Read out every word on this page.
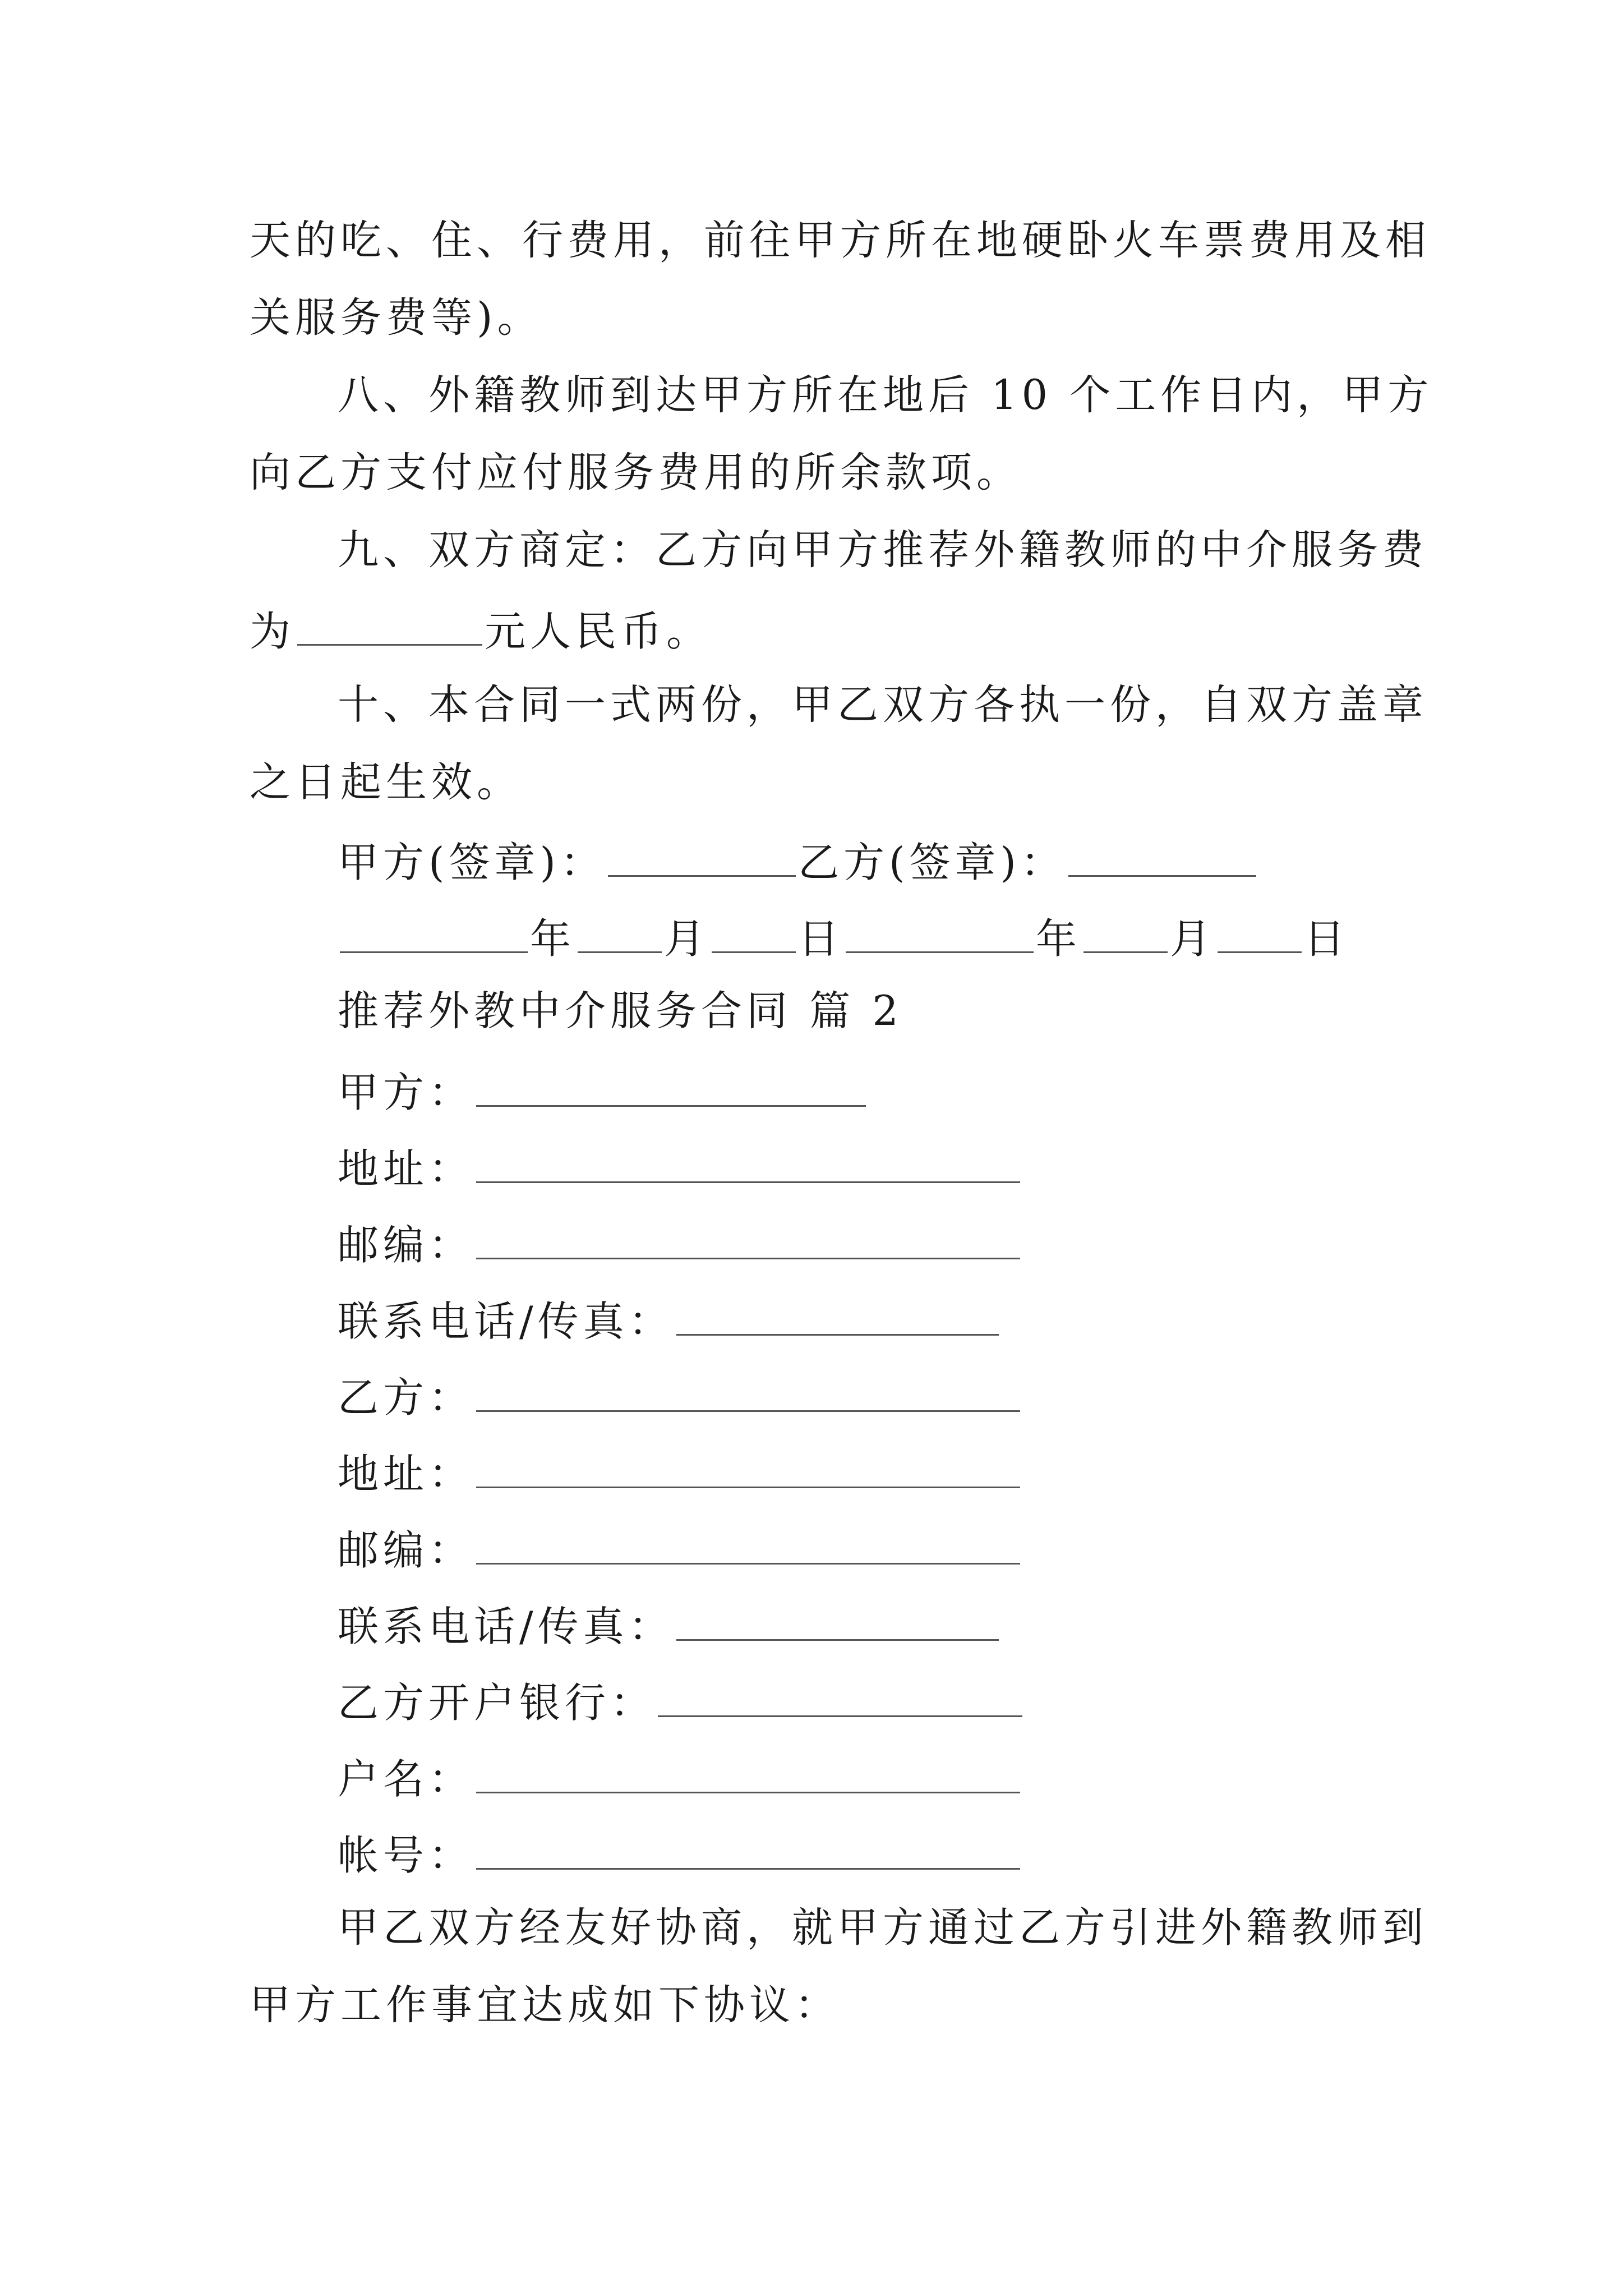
天的吃、住、行费用，前往甲方所在地硬卧火车票费用及相
关服务费等)。
八、外籍教师到达甲方所在地后 10 个工作日内，甲方
向乙方支付应付服务费用的所余款项。
九、双方商定：乙方向甲方推荐外籍教师的中介服务费
为	元人民币。
十、本合同一式两份，甲乙双方各执一份，自双方盖章
之日起生效。
甲方(签章)：	乙方(签章)：
年 月 日	年 月 日
推荐外教中介服务合同 篇 2
甲方：
地址：
邮编：
联系电话/传真：
乙方：
地址：
邮编：
联系电话/传真：
乙方开户银行：
户名：
帐号：
甲乙双方经友好协商，就甲方通过乙方引进外籍教师到
甲方工作事宜达成如下协议：
